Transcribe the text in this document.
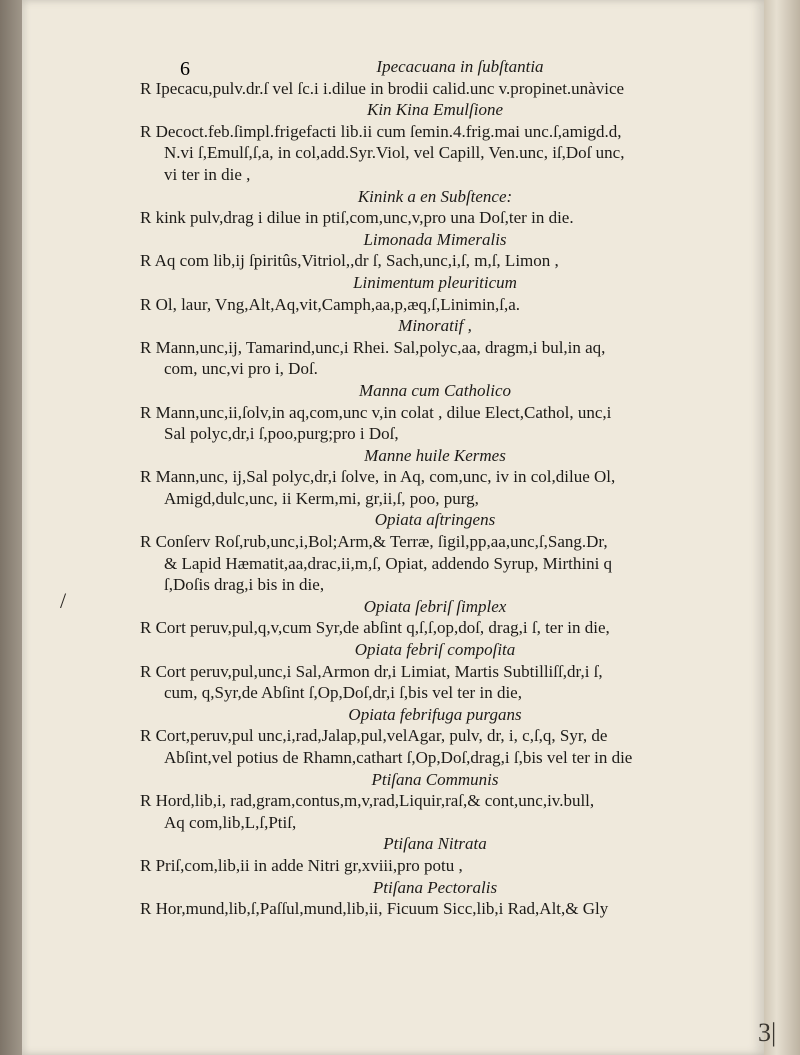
6
/
3|
Ipecacuana in ſubſtantia
R Ipecacu,pulv.dr.ſ vel ſc.i i.dilue in brodii calid.unc v.propinet.unàvice
Kin Kina Emulſione
R Decoct.feb.ſimpl.frigefacti lib.ii cum ſemin.4.frig.mai unc.ſ,amigd.d,
N.vi ſ,Emulſ,ſ,a, in col,add.Syr.Viol, vel Capill, Ven.unc, iſ,Doſ unc,
vi ter in die ,
Kinink a en Subſtence:
R kink pulv,drag i dilue in ptiſ,com,unc,v,pro una Doſ,ter in die.
Limonada Mimeralis
R Aq com lib,ij ſpiritûs,Vitriol,,dr ſ, Sach,unc,i,ſ, m,ſ, Limon ,
Linimentum pleuriticum
R Ol, laur, Vng,Alt,Aq,vit,Camph,aa,p,æq,ſ,Linimin,ſ,a.
Minoratif ,
R Mann,unc,ij, Tamarind,unc,i Rhei. Sal,polyc,aa, dragm,i bul,in aq,
com, unc,vi pro i, Doſ.
Manna cum Catholico
R Mann,unc,ii,ſolv,in aq,com,unc v,in colat , dilue Elect,Cathol, unc,i
Sal polyc,dr,i ſ,poo,purg;pro i Doſ,
Manne huile Kermes
R Mann,unc, ij,Sal polyc,dr,i ſolve, in Aq, com,unc, iv in col,dilue Ol,
Amigd,dulc,unc, ii Kerm,mi, gr,ii,ſ, poo, purg,
Opiata aſtringens
R Conſerv Roſ,rub,unc,i,Bol;Arm,& Terræ, ſigil,pp,aa,unc,ſ,Sang.Dr,
& Lapid Hæmatit,aa,drac,ii,m,ſ, Opiat, addendo Syrup, Mirthini q
ſ,Doſis drag,i bis in die,
Opiata ſebriſ ſimplex
R Cort peruv,pul,q,v,cum Syr,de abſint q,ſ,ſ,op,doſ, drag,i ſ, ter in die,
Opiata febriſ compoſita
R Cort peruv,pul,unc,i Sal,Armon dr,i Limiat, Martis Subtilliſſ,dr,i ſ,
cum, q,Syr,de Abſint ſ,Op,Doſ,dr,i ſ,bis vel ter in die,
Opiata febrifuga purgans
R Cort,peruv,pul unc,i,rad,Jalap,pul,velAgar, pulv, dr, i, c,ſ,q, Syr, de
Abſint,vel potius de Rhamn,cathart ſ,Op,Doſ,drag,i ſ,bis vel ter in die
Ptiſana Communis
R Hord,lib,i, rad,gram,contus,m,v,rad,Liquir,raſ,& cont,unc,iv.bull,
Aq com,lib,L,ſ,Ptiſ,
Ptiſana Nitrata
R Priſ,com,lib,ii in adde Nitri gr,xviii,pro potu ,
Ptiſana Pectoralis
R Hor,mund,lib,ſ,Paſſul,mund,lib,ii, Ficuum Sicc,lib,i Rad,Alt,& Gly
